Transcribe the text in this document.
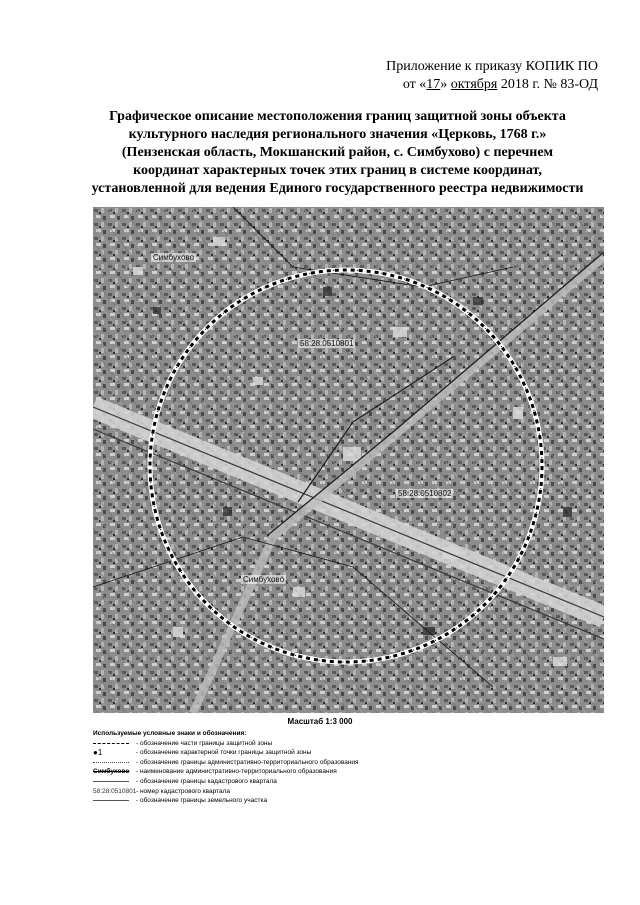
Приложение к приказу КОПИК ПО
от «17» октября 2018 г. № 83-ОД
Графическое описание местоположения границ защитной зоны объекта
культурного наследия регионального значения «Церковь, 1768 г.»
(Пензенская область, Мокшанский район, с. Симбухово) с перечнем
координат характерных точек этих границ в системе координат,
установленной для ведения Единого государственного реестра недвижимости
Симбухово
58:28:0510801
58:28:0510802
Симбухово
Масштаб 1:3 000
Используемые условные знаки и обозначения:
- обозначение части границы защитной зоны
●1	- обозначение характерной точки границы защитной зоны
- обозначение границы административно-территориального образования
Симбухово - наименование административно-территориального образования
- обозначение границы кадастрового квартала
58:28:0510801 - номер кадастрового квартала
- обозначение границы земельного участка
